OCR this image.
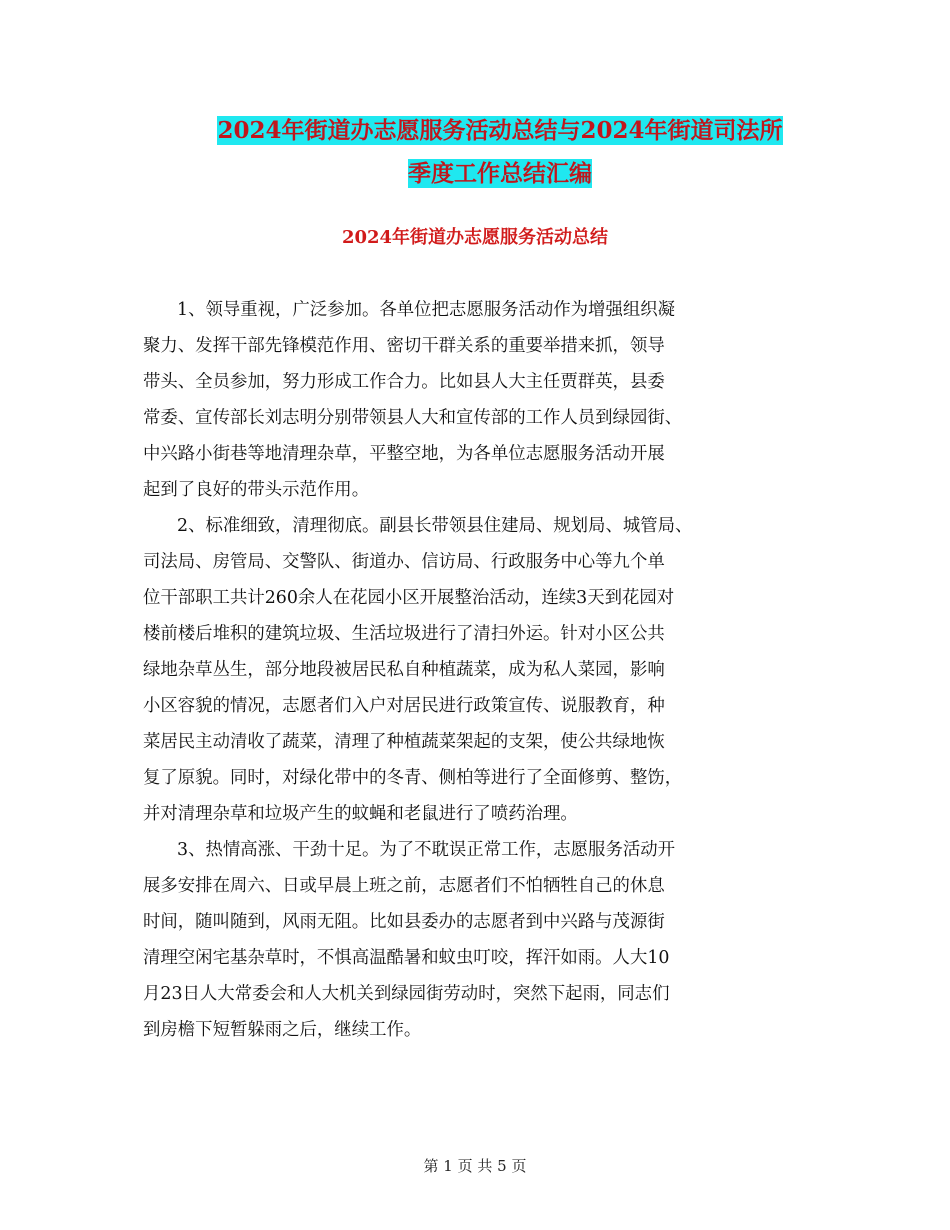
2024年街道办志愿服务活动总结与2024年街道司法所
季度工作总结汇编
2024年街道办志愿服务活动总结
1、领导重视，广泛参加。各单位把志愿服务活动作为增强组织凝
聚力、发挥干部先锋模范作用、密切干群关系的重要举措来抓，领导
带头、全员参加，努力形成工作合力。比如县人大主任贾群英，县委
常委、宣传部长刘志明分别带领县人大和宣传部的工作人员到绿园街、
中兴路小街巷等地清理杂草，平整空地，为各单位志愿服务活动开展
起到了良好的带头示范作用。
2、标准细致，清理彻底。副县长带领县住建局、规划局、城管局、
司法局、房管局、交警队、街道办、信访局、行政服务中心等九个单
位干部职工共计260余人在花园小区开展整治活动，连续3天到花园对
楼前楼后堆积的建筑垃圾、生活垃圾进行了清扫外运。针对小区公共
绿地杂草丛生，部分地段被居民私自种植蔬菜，成为私人菜园，影响
小区容貌的情况，志愿者们入户对居民进行政策宣传、说服教育，种
菜居民主动清收了蔬菜，清理了种植蔬菜架起的支架，使公共绿地恢
复了原貌。同时，对绿化带中的冬青、侧柏等进行了全面修剪、整饬，
并对清理杂草和垃圾产生的蚊蝇和老鼠进行了喷药治理。
3、热情高涨、干劲十足。为了不耽误正常工作，志愿服务活动开
展多安排在周六、日或早晨上班之前，志愿者们不怕牺牲自己的休息
时间，随叫随到，风雨无阻。比如县委办的志愿者到中兴路与茂源街
清理空闲宅基杂草时，不惧高温酷暑和蚊虫叮咬，挥汗如雨。人大10
月23日人大常委会和人大机关到绿园街劳动时，突然下起雨，同志们
到房檐下短暂躲雨之后，继续工作。
第 1 页 共 5 页
